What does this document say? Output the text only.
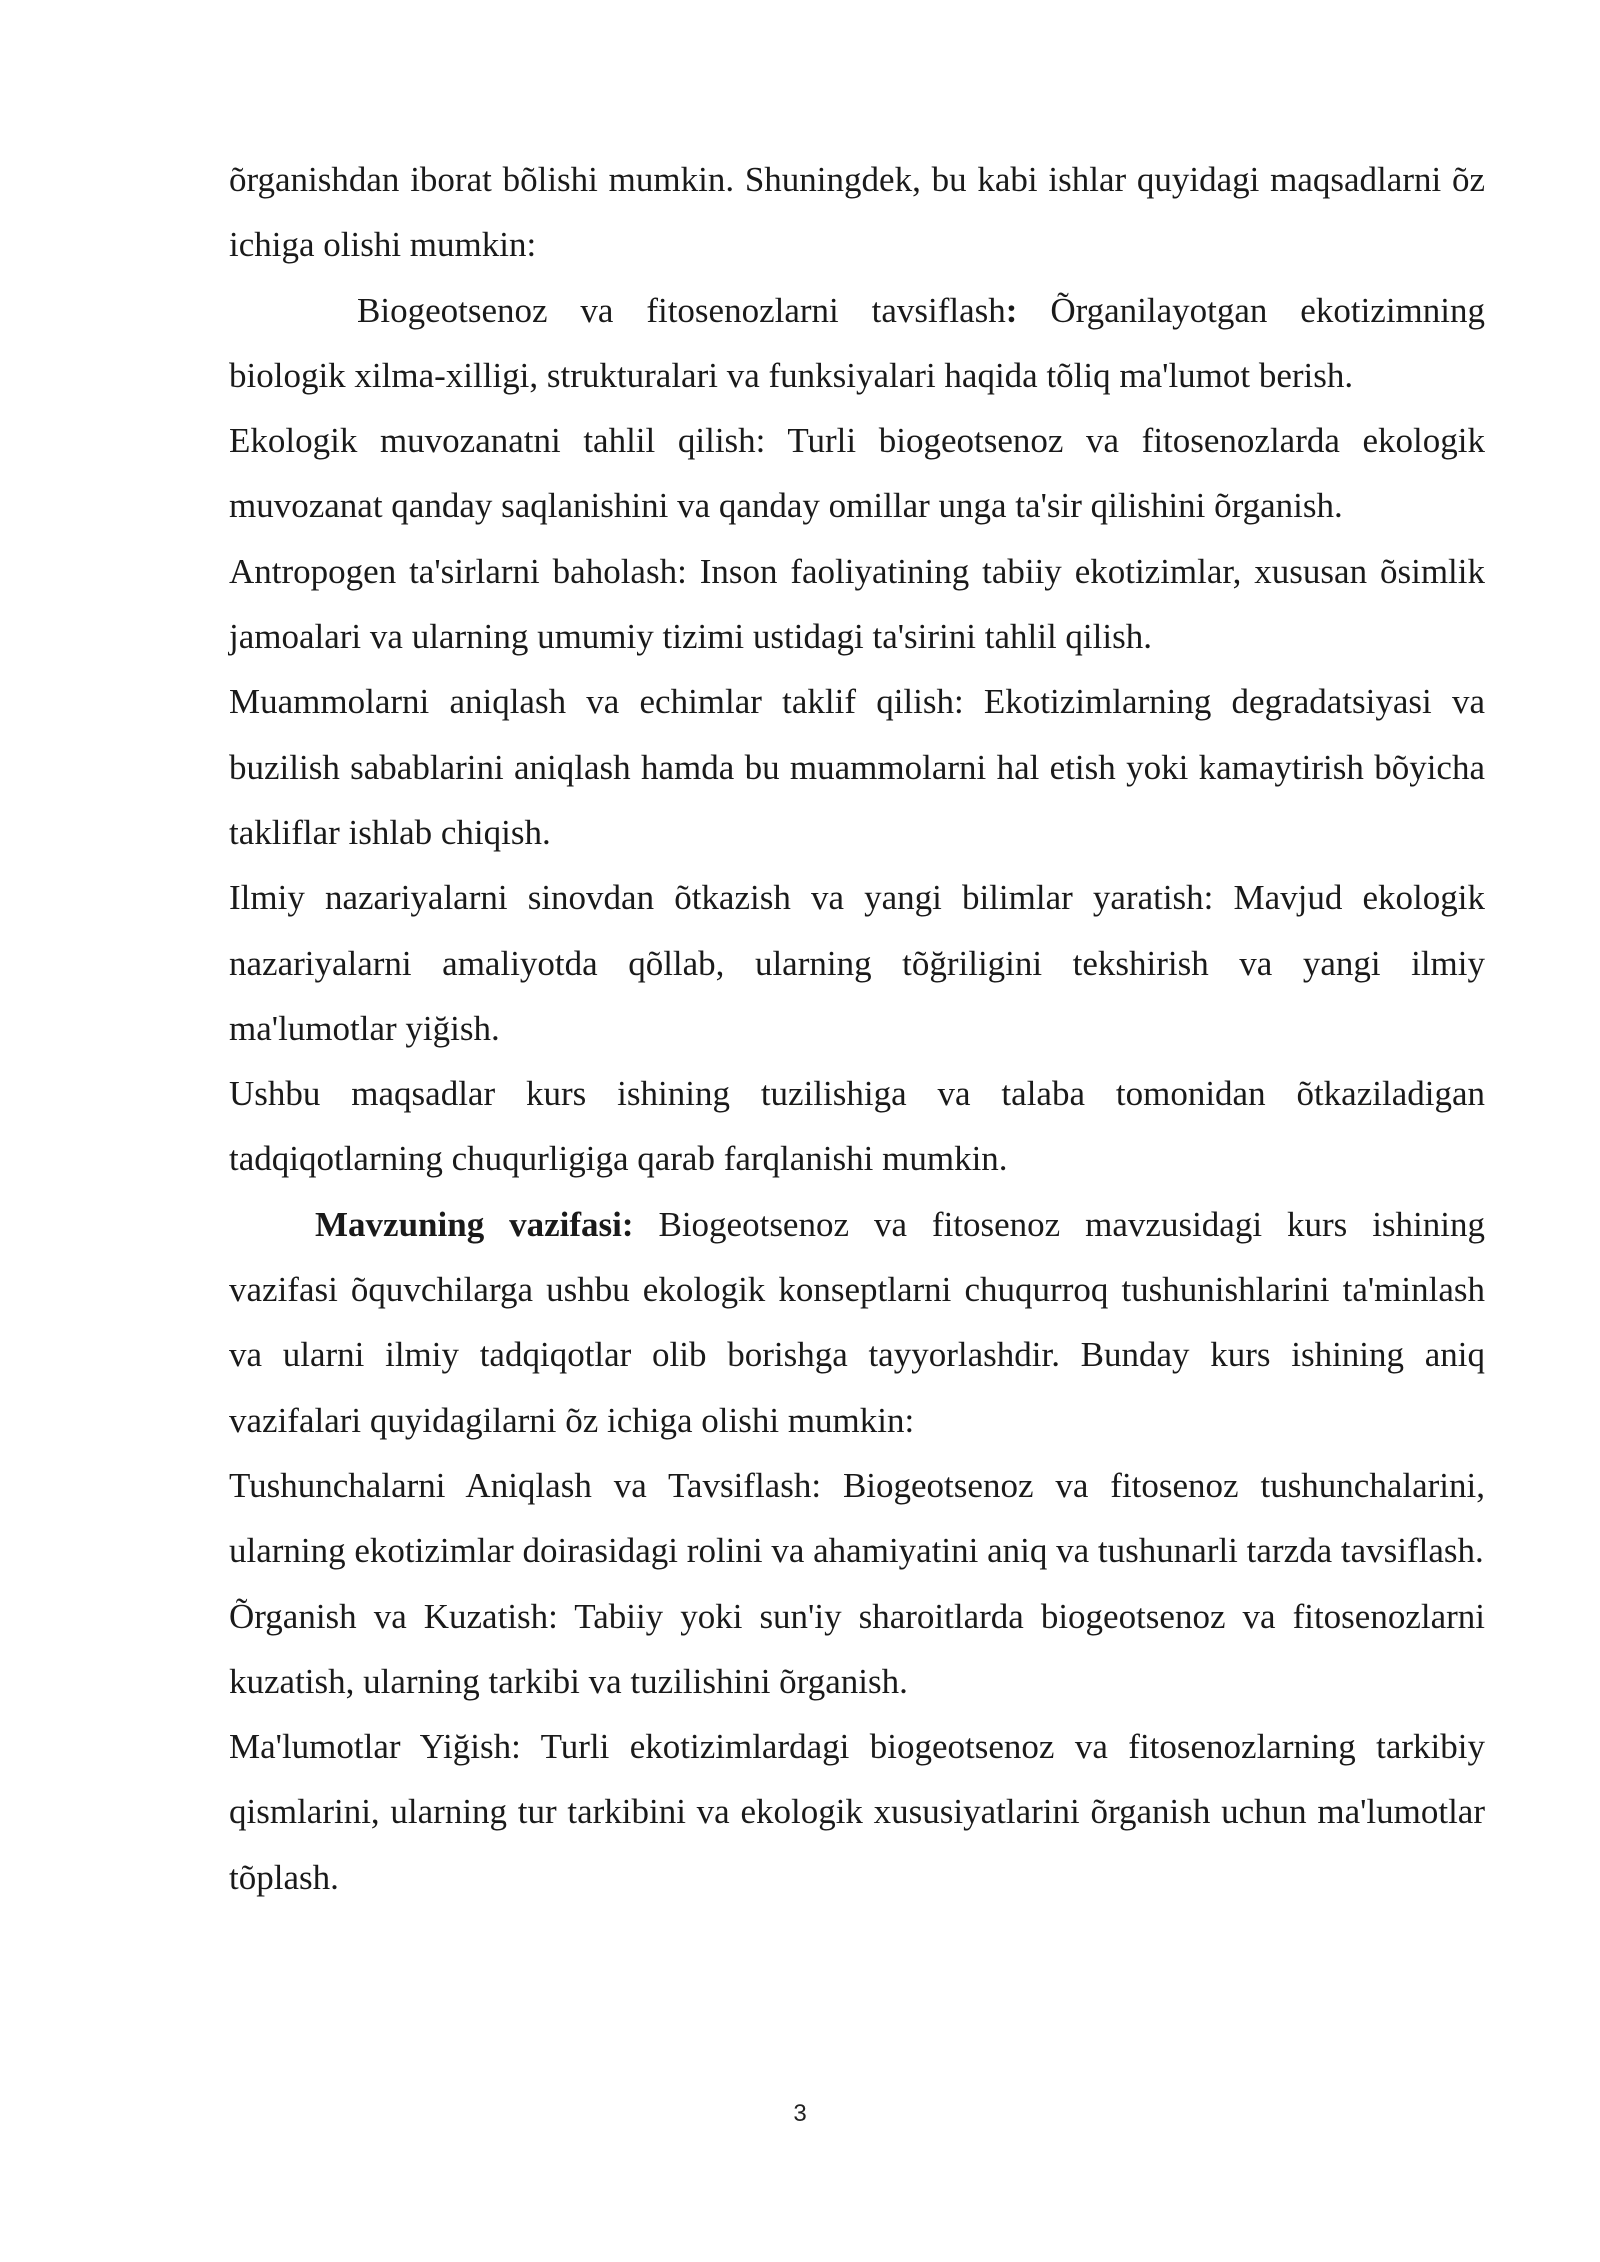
õrganishdan iborat bõlishi mumkin. Shuningdek, bu kabi ishlar quyidagi maqsadlarni õz ichiga olishi mumkin:

Biogeotsenoz va fitosenozlarni tavsiflash: Õrganilayotgan ekotizimning biologik xilma-xilligi, strukturalari va funksiyalari haqida tõliq ma'lumot berish.

Ekologik muvozanatni tahlil qilish: Turli biogeotsenoz va fitosenozlarda ekologik muvozanat qanday saqlanishini va qanday omillar unga ta'sir qilishini õrganish.

Antropogen ta'sirlarni baholash: Inson faoliyatining tabiiy ekotizimlar, xususan õsimlik jamoalari va ularning umumiy tizimi ustidagi ta'sirini tahlil qilish.

Muammolarni aniqlash va echimlar taklif qilish: Ekotizimlarning degradatsiyasi va buzilish sabablarini aniqlash hamda bu muammolarni hal etish yoki kamaytirish bõyicha takliflar ishlab chiqish.

Ilmiy nazariyalarni sinovdan õtkazish va yangi bilimlar yaratish: Mavjud ekologik nazariyalarni amaliyotda qõllab, ularning tõğriligini tekshirish va yangi ilmiy ma'lumotlar yiğish.

Ushbu maqsadlar kurs ishining tuzilishiga va talaba tomonidan õtkaziladigan tadqiqotlarning chuqurligiga qarab farqlanishi mumkin.

Mavzuning vazifasi: Biogeotsenoz va fitosenoz mavzusidagi kurs ishining vazifasi õquvchilarga ushbu ekologik konseptlarni chuqurroq tushunishlarini ta'minlash va ularni ilmiy tadqiqotlar olib borishga tayyorlashdir. Bunday kurs ishining aniq vazifalari quyidagilarni õz ichiga olishi mumkin:

Tushunchalarni Aniqlash va Tavsiflash: Biogeotsenoz va fitosenoz tushunchalarini, ularning ekotizimlar doirasidagi rolini va ahamiyatini aniq va tushunarli tarzda tavsiflash.

Õrganish va Kuzatish: Tabiiy yoki sun'iy sharoitlarda biogeotsenoz va fitosenozlarni kuzatish, ularning tarkibi va tuzilishini õrganish.

Ma'lumotlar Yiğish: Turli ekotizimlardagi biogeotsenoz va fitosenozlarning tarkibiy qismlarini, ularning tur tarkibini va ekologik xususiyatlarini õrganish uchun ma'lumotlar tõplash.

3
